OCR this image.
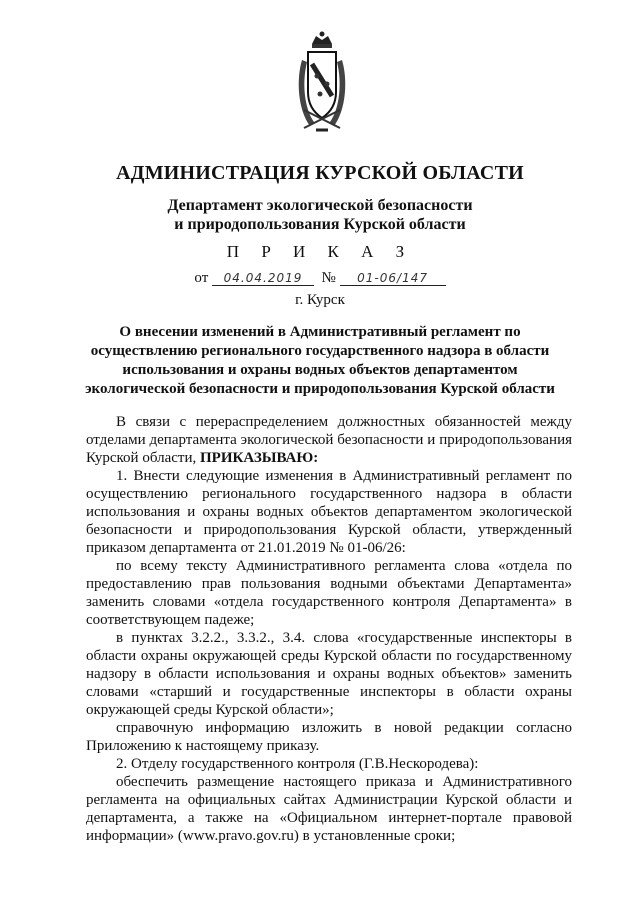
АДМИНИСТРАЦИЯ КУРСКОЙ ОБЛАСТИ
Департамент экологической безопасности
и природопользования Курской области
П Р И К А З
от 04.04.2019 № 01-06/147
г. Курск
О внесении изменений в Административный регламент по
осуществлению регионального государственного надзора в области
использования и охраны водных объектов департаментом
экологической безопасности и природопользования Курской области

В связи с перераспределением должностных обязанностей между отделами департамента экологической безопасности и природопользования Курской области, ПРИКАЗЫВАЮ:

1. Внести следующие изменения в Административный регламент по осуществлению регионального государственного надзора в области использования и охраны водных объектов департаментом экологической безопасности и природопользования Курской области, утвержденный приказом департамента от 21.01.2019 № 01-06/26:

по всему тексту Административного регламента слова «отдела по предоставлению прав пользования водными объектами Департамента» заменить словами «отдела государственного контроля Департамента» в соответствующем падеже;

в пунктах 3.2.2., 3.3.2., 3.4. слова «государственные инспекторы в области охраны окружающей среды Курской области по государственному надзору в области использования и охраны водных объектов» заменить словами «старший и государственные инспекторы в области охраны окружающей среды Курской области»;

справочную информацию изложить в новой редакции согласно Приложению к настоящему приказу.

2. Отделу государственного контроля (Г.В.Нескородева):

обеспечить размещение настоящего приказа и Административного регламента на официальных сайтах Администрации Курской области и департамента, а также на «Официальном интернет-портале правовой информации» (www.pravo.gov.ru) в установленные сроки;
